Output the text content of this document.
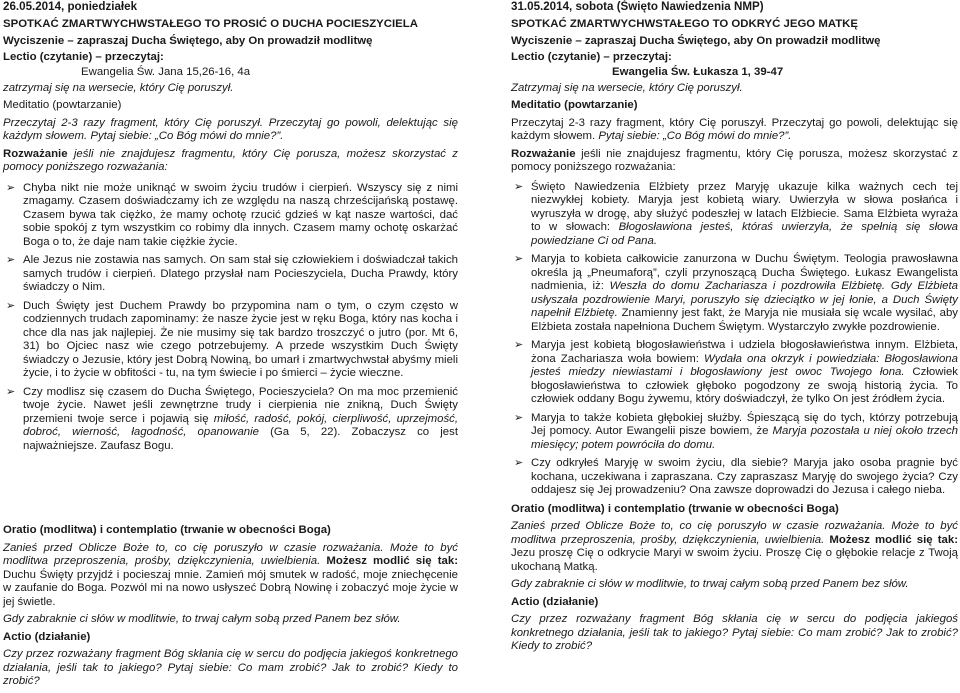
26.05.2014, poniedziałek

SPOTKAĆ ZMARTWYCHWSTAŁEGO TO PROSIĆ O DUCHA POCIESZYCIELA

Wyciszenie – zapraszaj Ducha Świętego, aby On prowadził modlitwę

Lectio (czytanie) – przeczytaj:

Ewangelia Św. Jana 15,26-16, 4a

zatrzymaj się na wersecie, który Cię poruszył.

Meditatio (powtarzanie)

Przeczytaj 2-3 razy fragment, który Cię poruszył. Przeczytaj go powoli, delektując się każdym słowem. Pytaj siebie: „Co Bóg mówi do mnie?”.

Rozważanie jeśli nie znajdujesz fragmentu, który Cię porusza, możesz skorzystać z pomocy poniższego rozważania:

➢ Chyba nikt nie może uniknąć w swoim życiu trudów i cierpień. Wszyscy się z nimi zmagamy. Czasem doświadczamy ich ze względu na naszą chrześcijańską postawę. Czasem bywa tak ciężko, że mamy ochotę rzucić gdzieś w kąt nasze wartości, dać sobie spokój z tym wszystkim co robimy dla innych. Czasem mamy ochotę oskarżać Boga o to, że daje nam takie ciężkie życie.
➢ Ale Jezus nie zostawia nas samych. On sam stał się człowiekiem i doświadczał takich samych trudów i cierpień. Dlatego przysłał nam Pocieszyciela, Ducha Prawdy, który świadczy o Nim.
➢ Duch Święty jest Duchem Prawdy bo przypomina nam o tym, o czym często w codziennych trudach zapominamy: że nasze życie jest w ręku Boga, który nas kocha i chce dla nas jak najlepiej. Że nie musimy się tak bardzo troszczyć o jutro (por. Mt 6, 31) bo Ojciec nasz wie czego potrzebujemy. A przede wszystkim Duch Święty świadczy o Jezusie, który jest Dobrą Nowiną, bo umarł i zmartwychwstał abyśmy mieli życie, i to życie w obfitości - tu, na tym świecie i po śmierci – życie wieczne.
➢ Czy modlisz się czasem do Ducha Świętego, Pocieszyciela? On ma moc przemienić twoje życie. Nawet jeśli zewnętrzne trudy i cierpienia nie znikną, Duch Święty przemieni twoje serce i pojawią się miłość, radość, pokój, cierpliwość, uprzejmość, dobroć, wierność, łagodność, opanowanie (Ga 5, 22). Zobaczysz co jest najważniejsze. Zaufasz Bogu.

Oratio (modlitwa) i contemplatio (trwanie w obecności Boga)

Zanieś przed Oblicze Boże to, co cię poruszyło w czasie rozważania. Może to być modlitwa przeproszenia, prośby, dziękczynienia, uwielbienia. Możesz modlić się tak: Duchu Święty przyjdź i pocieszaj mnie. Zamień mój smutek w radość, moje zniechęcenie w zaufanie do Boga. Pozwól mi na nowo usłyszeć Dobrą Nowinę i zobaczyć moje życie w jej świetle.

Gdy zabraknie ci słów w modlitwie, to trwaj całym sobą przed Panem bez słów.

Actio (działanie)

Czy przez rozważany fragment Bóg skłania cię w sercu do podjęcia jakiegoś konkretnego działania, jeśli tak to jakiego? Pytaj siebie: Co mam zrobić? Jak to zrobić? Kiedy to zrobić?

31.05.2014, sobota (Święto Nawiedzenia NMP)

SPOTKAĆ ZMARTWYCHWSTAŁEGO TO ODKRYĆ JEGO MATKĘ

Wyciszenie – zapraszaj Ducha Świętego, aby On prowadził modlitwę

Lectio (czytanie) – przeczytaj:

Ewangelia Św. Łukasza 1, 39-47

Zatrzymaj się na wersecie, który Cię poruszył.

Meditatio (powtarzanie)

Przeczytaj 2-3 razy fragment, który Cię poruszył. Przeczytaj go powoli, delektując się każdym słowem. Pytaj siebie: „Co Bóg mówi do mnie?”.

Rozważanie jeśli nie znajdujesz fragmentu, który Cię porusza, możesz skorzystać z pomocy poniższego rozważania:

➢ Święto Nawiedzenia Elżbiety przez Maryję ukazuje kilka ważnych cech tej niezwykłej kobiety. Maryja jest kobietą wiary. Uwierzyła w słowa posłańca i wyruszyła w drogę, aby służyć podeszłej w latach Elżbiecie. Sama Elżbieta wyraża to w słowach: Błogosławiona jesteś, któraś uwierzyła, że spełnią się słowa powiedziane Ci od Pana.
➢ Maryja to kobieta całkowicie zanurzona w Duchu Świętym. Teologia prawosławna określa ją „Pneumaforą”, czyli przynoszącą Ducha Świętego. Łukasz Ewangelista nadmienia, iż: Weszła do domu Zachariasza i pozdrowiła Elżbietę. Gdy Elżbieta usłyszała pozdrowienie Maryi, poruszyło się dzieciątko w jej łonie, a Duch Święty napełnił Elżbietę. Znamienny jest fakt, że Maryja nie musiała się wcale wysilać, aby Elżbieta została napełniona Duchem Świętym. Wystarczyło zwykłe pozdrowienie.
➢ Maryja jest kobietą błogosławieństwa i udziela błogosławieństwa innym. Elżbieta, żona Zachariasza woła bowiem: Wydała ona okrzyk i powiedziała: Błogosławiona jesteś miedzy niewiastami i błogosławiony jest owoc Twojego łona. Człowiek błogosławieństwa to człowiek głęboko pogodzony ze swoją historią życia. To człowiek oddany Bogu żywemu, który doświadczył, że tylko On jest źródłem życia.
➢ Maryja to także kobieta głębokiej służby. Śpieszącą się do tych, którzy potrzebują Jej pomocy. Autor Ewangelii pisze bowiem, że Maryja pozostała u niej około trzech miesięcy; potem powróciła do domu.
➢ Czy odkryłeś Maryję w swoim życiu, dla siebie? Maryja jako osoba pragnie być kochana, uczekiwana i zapraszana. Czy zapraszasz Maryję do swojego życia? Czy oddajesz się Jej prowadzeniu? Ona zawsze doprowadzi do Jezusa i całego nieba.

Oratio (modlitwa) i contemplatio (trwanie w obecności Boga)

Zanieś przed Oblicze Boże to, co cię poruszyło w czasie rozważania. Może to być modlitwa przeproszenia, prośby, dziękczynienia, uwielbienia. Możesz modlić się tak: Jezu proszę Cię o odkrycie Maryi w swoim życiu. Proszę Cię o głębokie relacje z Twoją ukochaną Matką.

Gdy zabraknie ci słów w modlitwie, to trwaj całym sobą przed Panem bez słów.

Actio (działanie)

Czy przez rozważany fragment Bóg skłania cię w sercu do podjęcia jakiegoś konkretnego działania, jeśli tak to jakiego? Pytaj siebie: Co mam zrobić? Jak to zrobić? Kiedy to zrobić?
